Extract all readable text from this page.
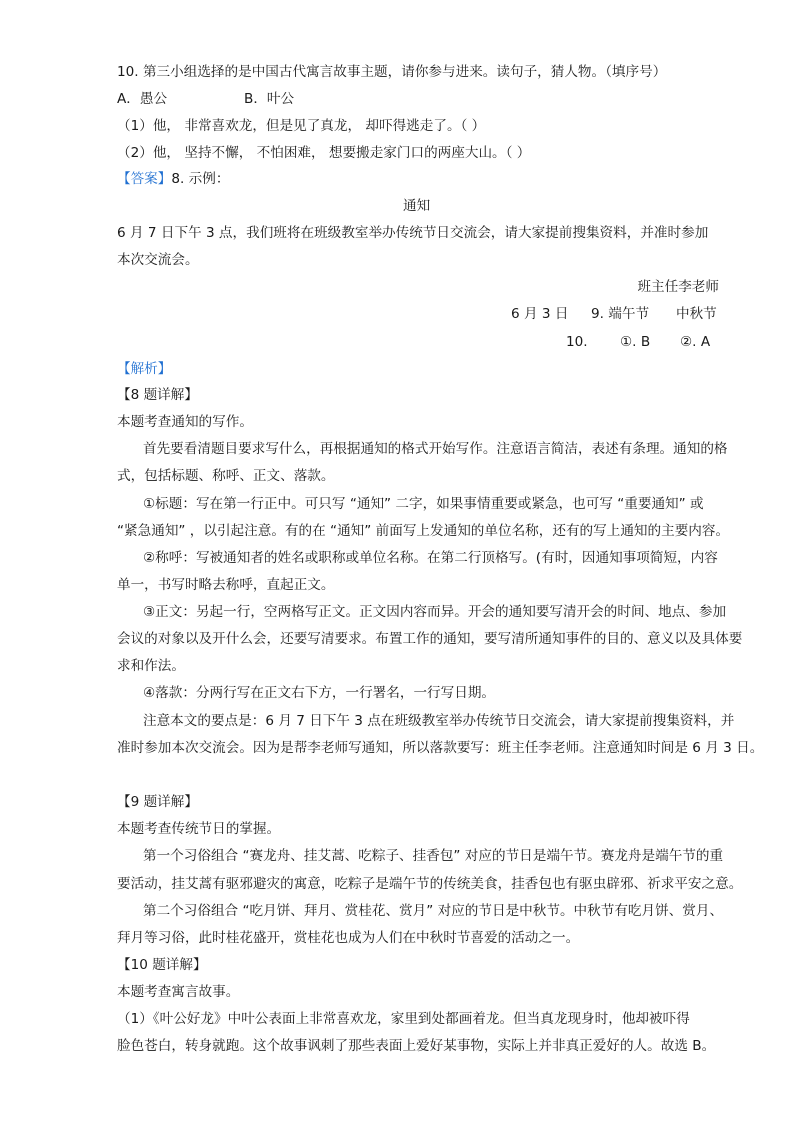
10. 第三小组选择的是中国古代寓言故事主题，请你参与进来。读句子，猜人物。（填序号）

A．愚公	B．叶公

（1）他， 非常喜欢龙，但是见了真龙， 却吓得逃走了。（ ）

（2）他， 坚持不懈， 不怕困难， 想要搬走家门口的两座大山。（ ）

【答案】8. 示例：

通知

6 月 7 日下午 3 点，我们班将在班级教室举办传统节日交流会，请大家提前搜集资料，并准时参加

本次交流会。

班主任李老师

6 月 3 日 9. 端午节 中秋节
10. ①. B ②. A

【解析】

【8 题详解】

本题考查通知的写作。

首先要看清题目要求写什么，再根据通知的格式开始写作。注意语言简洁，表述有条理。通知的格

式，包括标题、称呼、正文、落款。

①标题：写在第一行正中。可只写 “通知” 二字，如果事情重要或紧急，也可写 “重要通知” 或

“紧急通知” ，以引起注意。有的在 “通知” 前面写上发通知的单位名称，还有的写上通知的主要内容。

②称呼：写被通知者的姓名或职称或单位名称。在第二行顶格写。(有时，因通知事项简短，内容

单一，书写时略去称呼，直起正文。

③正文：另起一行，空两格写正文。正文因内容而异。开会的通知要写清开会的时间、地点、参加

会议的对象以及开什么会，还要写清要求。布置工作的通知，要写清所通知事件的目的、意义以及具体要

求和作法。

④落款：分两行写在正文右下方，一行署名，一行写日期。

注意本文的要点是：6 月 7 日下午 3 点在班级教室举办传统节日交流会，请大家提前搜集资料，并

准时参加本次交流会。因为是帮李老师写通知，所以落款要写：班主任李老师。注意通知时间是 6 月 3 日。

【9 题详解】

本题考查传统节日的掌握。

第一个习俗组合 “赛龙舟、挂艾蒿、吃粽子、挂香包” 对应的节日是端午节。赛龙舟是端午节的重

要活动，挂艾蒿有驱邪避灾的寓意，吃粽子是端午节的传统美食，挂香包也有驱虫辟邪、祈求平安之意。

第二个习俗组合 “吃月饼、拜月、赏桂花、赏月” 对应的节日是中秋节。中秋节有吃月饼、赏月、

拜月等习俗，此时桂花盛开，赏桂花也成为人们在中秋时节喜爱的活动之一。

【10 题详解】

本题考查寓言故事。

（1）《叶公好龙》中叶公表面上非常喜欢龙，家里到处都画着龙。但当真龙现身时，他却被吓得

脸色苍白，转身就跑。这个故事讽刺了那些表面上爱好某事物，实际上并非真正爱好的人。故选 B。
